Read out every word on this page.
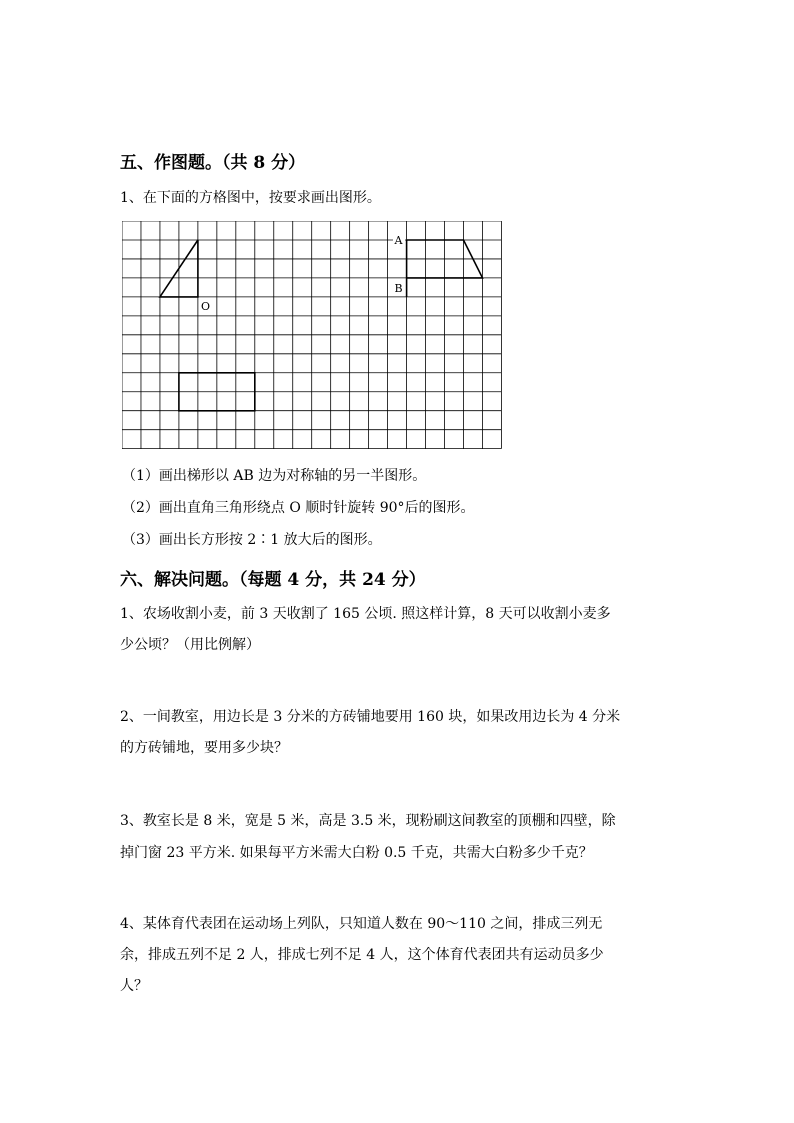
五、作图题。（共 8 分）
1、在下面的方格图中，按要求画出图形。
A
B
O
（1）画出梯形以 AB 边为对称轴的另一半图形。
（2）画出直角三角形绕点 O 顺时针旋转 90°后的图形。
（3）画出长方形按 2∶1 放大后的图形。
六、解决问题。（每题 4 分，共 24 分）
1、农场收割小麦，前 3 天收割了 165 公顷. 照这样计算，8 天可以收割小麦多
少公顷？（用比例解）
2、一间教室，用边长是 3 分米的方砖铺地要用 160 块，如果改用边长为 4 分米
的方砖铺地，要用多少块？
3、教室长是 8 米，宽是 5 米，高是 3.5 米，现粉刷这间教室的顶棚和四壁，除
掉门窗 23 平方米. 如果每平方米需大白粉 0.5 千克，共需大白粉多少千克？
4、某体育代表团在运动场上列队，只知道人数在 90～110 之间，排成三列无
余，排成五列不足 2 人，排成七列不足 4 人，这个体育代表团共有运动员多少
人？
